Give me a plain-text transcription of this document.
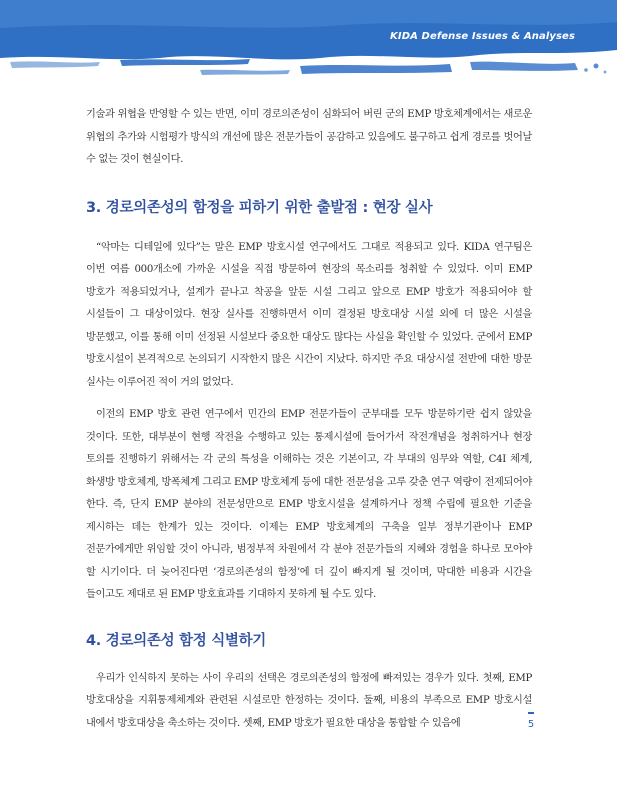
KIDA Defense Issues & Analyses

기술과 위협을 반영할 수 있는 반면, 이미 경로의존성이 심화되어 버린 군의 EMP 방호체계에서는 새로운 위협의 추가와 시험평가 방식의 개선에 많은 전문가들이 공감하고 있음에도 불구하고 쉽게 경로를 벗어날 수 없는 것이 현실이다.

3. 경로의존성의 함정을 피하기 위한 출발점 : 현장 실사

“악마는 디테일에 있다”는 말은 EMP 방호시설 연구에서도 그대로 적용되고 있다. KIDA 연구팀은 이번 여름 000개소에 가까운 시설을 직접 방문하여 현장의 목소리를 청취할 수 있었다. 이미 EMP 방호가 적용되었거나, 설계가 끝나고 착공을 앞둔 시설 그리고 앞으로 EMP 방호가 적용되어야 할 시설들이 그 대상이었다. 현장 실사를 진행하면서 이미 결정된 방호대상 시설 외에 더 많은 시설을 방문했고, 이를 통해 이미 선정된 시설보다 중요한 대상도 많다는 사실을 확인할 수 있었다. 군에서 EMP 방호시설이 본격적으로 논의되기 시작한지 많은 시간이 지났다. 하지만 주요 대상시설 전반에 대한 방문 실사는 이루어진 적이 거의 없었다.

이전의 EMP 방호 관련 연구에서 민간의 EMP 전문가들이 군부대를 모두 방문하기란 쉽지 않았을 것이다. 또한, 대부분이 현행 작전을 수행하고 있는 통제시설에 들어가서 작전개념을 청취하거나 현장 토의를 진행하기 위해서는 각 군의 특성을 이해하는 것은 기본이고, 각 부대의 임무와 역할, C4I 체계, 화생방 방호체계, 방폭체계 그리고 EMP 방호체계 등에 대한 전문성을 고루 갖춘 연구 역량이 전제되어야 한다. 즉, 단지 EMP 분야의 전문성만으로 EMP 방호시설을 설계하거나 정책 수립에 필요한 기준을 제시하는 데는 한계가 있는 것이다. 이제는 EMP 방호체계의 구축을 일부 정부기관이나 EMP 전문가에게만 위임할 것이 아니라, 범정부적 차원에서 각 분야 전문가들의 지혜와 경험을 하나로 모아야 할 시기이다. 더 늦어진다면 ‘경로의존성의 함정’에 더 깊이 빠지게 될 것이며, 막대한 비용과 시간을 들이고도 제대로 된 EMP 방호효과를 기대하지 못하게 될 수도 있다.

4. 경로의존성 함정 식별하기

우리가 인식하지 못하는 사이 우리의 선택은 경로의존성의 함정에 빠져있는 경우가 있다. 첫째, EMP 방호대상을 지휘통제체계와 관련된 시설로만 한정하는 것이다. 둘째, 비용의 부족으로 EMP 방호시설 내에서 방호대상을 축소하는 것이다. 셋째, EMP 방호가 필요한 대상을 통합할 수 있음에	5
